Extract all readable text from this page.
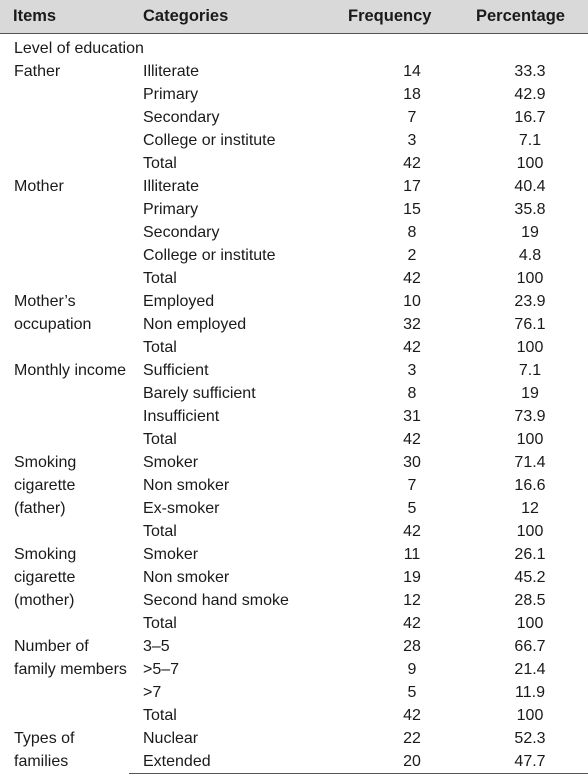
Items	Categories	Frequency	Percentage
Level of education			
Father	Illiterate	14	33.3
	Primary	18	42.9
	Secondary	7	16.7
	College or institute	3	7.1
	Total	42	100
Mother	Illiterate	17	40.4
	Primary	15	35.8
	Secondary	8	19
	College or institute	2	4.8
	Total	42	100
Mother’s occupation	Employed	10	23.9
	Non employed	32	76.1
	Total	42	100
Monthly income	Sufficient	3	7.1
	Barely sufficient	8	19
	Insufficient	31	73.9
	Total	42	100
Smoking cigarette (father)	Smoker	30	71.4
	Non smoker	7	16.6
	Ex-smoker	5	12
	Total	42	100
Smoking cigarette (mother)	Smoker	11	26.1
	Non smoker	19	45.2
	Second hand smoke	12	28.5
	Total	42	100
Number of family members	3–5	28	66.7
	>5–7	9	21.4
	>7	5	11.9
	Total	42	100
Types of families	Nuclear	22	52.3
	Extended	20	47.7
